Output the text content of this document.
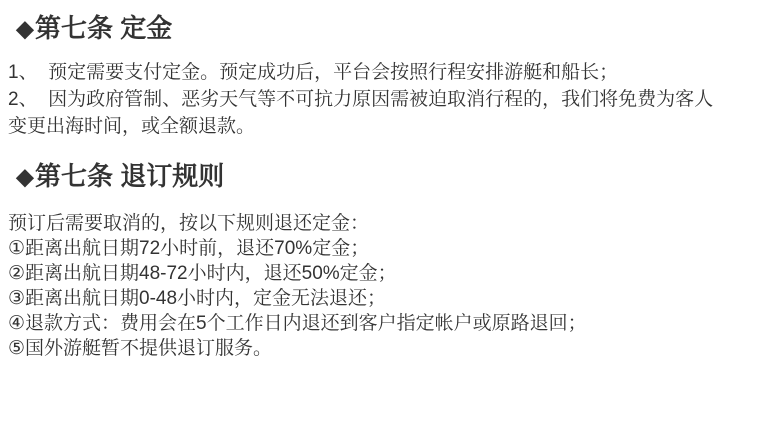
◆第七条 定金
1、  预定需要支付定金。预定成功后，平台会按照行程安排游艇和船长；
2、  因为政府管制、恶劣天气等不可抗力原因需被迫取消行程的，我们将免费为客人
变更出海时间，或全额退款。
◆第七条 退订规则
预订后需要取消的，按以下规则退还定金：
①距离出航日期72小时前，退还70%定金；
②距离出航日期48-72小时内，退还50%定金；
③距离出航日期0-48小时内，定金无法退还；
④退款方式：费用会在5个工作日内退还到客户指定帐户或原路退回；
⑤国外游艇暂不提供退订服务。
